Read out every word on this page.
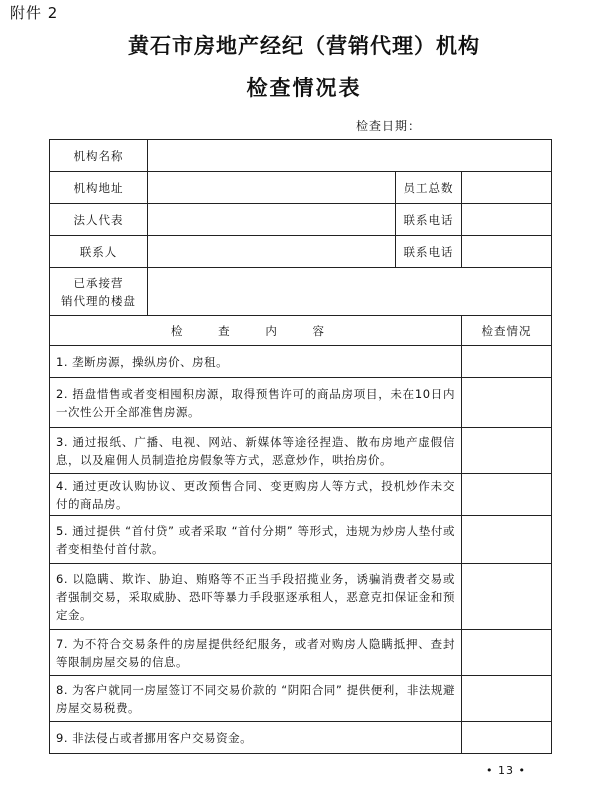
附件 2
黄石市房地产经纪（营销代理）机构
检查情况表
检查日期：
机构名称			
机构地址		员工总数	
法人代表		联系电话	
联系人		联系电话	

已承接营
销代理的楼盘			

检 查 内 容			检查情况
1. 垄断房源，操纵房价、房租。			
2. 捂盘惜售或者变相囤积房源，取得预售许可的商品房项目，未在10日内一次性公开全部准售房源。			
3. 通过报纸、广播、电视、网站、新媒体等途径捏造、散布房地产虚假信息，以及雇佣人员制造抢房假象等方式，恶意炒作，哄抬房价。			
4. 通过更改认购协议、更改预售合同、变更购房人等方式，投机炒作未交付的商品房。			
5. 通过提供 “首付贷” 或者采取 “首付分期” 等形式，违规为炒房人垫付或者变相垫付首付款。			
6. 以隐瞒、欺诈、胁迫、贿赂等不正当手段招揽业务，诱骗消费者交易或者强制交易，采取威胁、恐吓等暴力手段驱逐承租人，恶意克扣保证金和预定金。			
7. 为不符合交易条件的房屋提供经纪服务，或者对购房人隐瞒抵押、查封等限制房屋交易的信息。			
8. 为客户就同一房屋签订不同交易价款的 “阴阳合同” 提供便利，非法规避房屋交易税费。			
9. 非法侵占或者挪用客户交易资金。			
• 13 •
